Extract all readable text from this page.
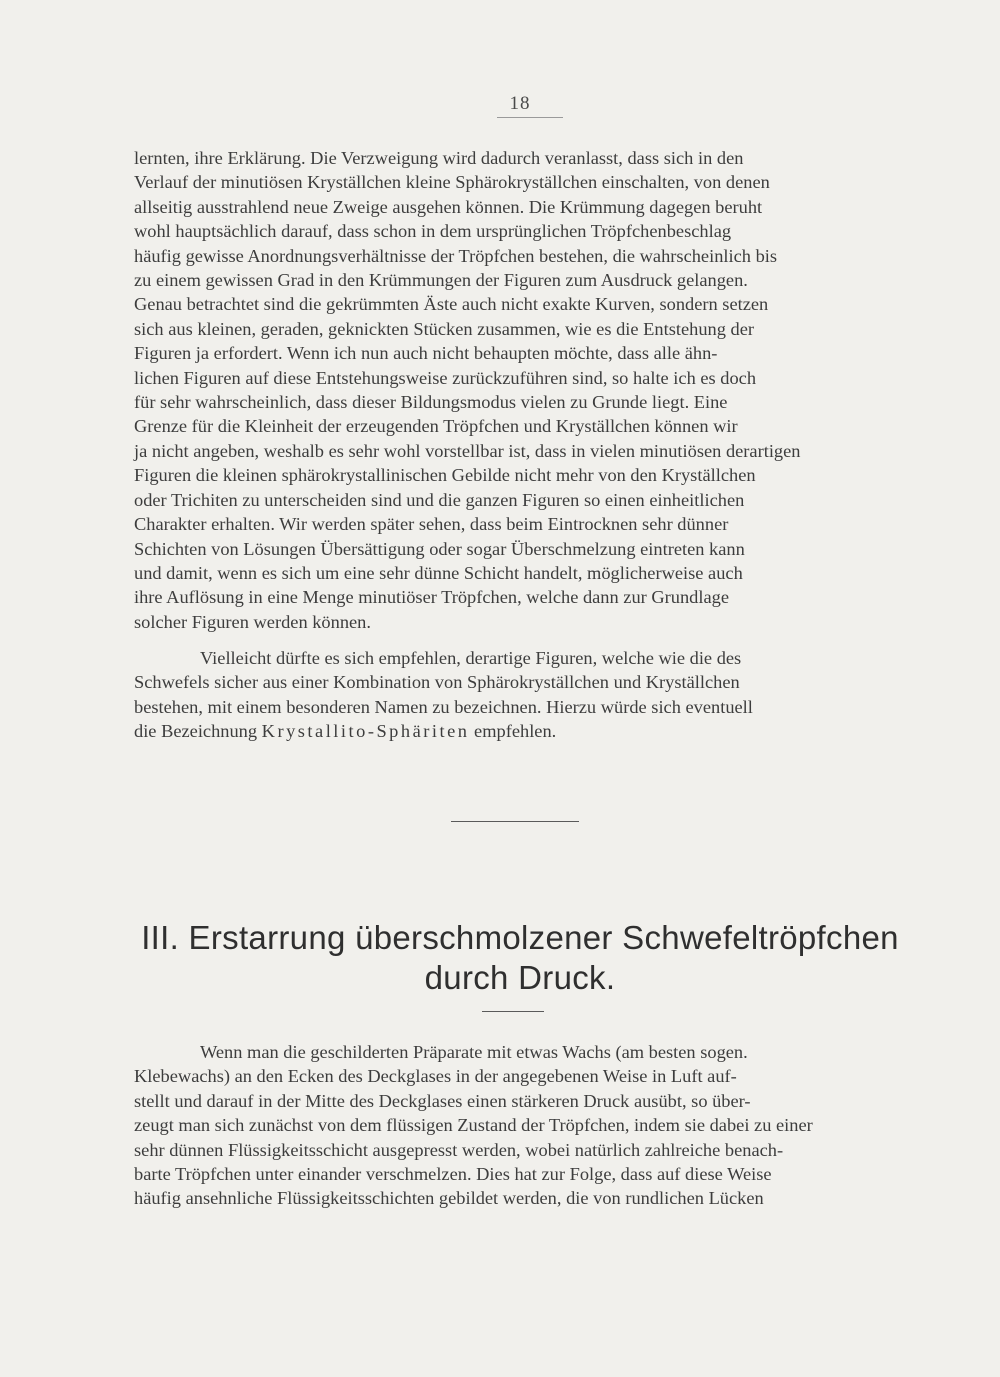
18
lernten, ihre Erklärung. Die Verzweigung wird dadurch veranlasst, dass sich in den
Verlauf der minutiösen Kryställchen kleine Sphärokryställchen einschalten, von denen
allseitig ausstrahlend neue Zweige ausgehen können. Die Krümmung dagegen beruht
wohl hauptsächlich darauf, dass schon in dem ursprünglichen Tröpfchenbeschlag
häufig gewisse Anordnungsverhältnisse der Tröpfchen bestehen, die wahrscheinlich bis
zu einem gewissen Grad in den Krümmungen der Figuren zum Ausdruck gelangen.
Genau betrachtet sind die gekrümmten Äste auch nicht exakte Kurven, sondern setzen
sich aus kleinen, geraden, geknickten Stücken zusammen, wie es die Entstehung der
Figuren ja erfordert. Wenn ich nun auch nicht behaupten möchte, dass alle ähn-
lichen Figuren auf diese Entstehungsweise zurückzuführen sind, so halte ich es doch
für sehr wahrscheinlich, dass dieser Bildungsmodus vielen zu Grunde liegt. Eine
Grenze für die Kleinheit der erzeugenden Tröpfchen und Kryställchen können wir
ja nicht angeben, weshalb es sehr wohl vorstellbar ist, dass in vielen minutiösen derartigen
Figuren die kleinen sphärokrystallinischen Gebilde nicht mehr von den Kryställchen
oder Trichiten zu unterscheiden sind und die ganzen Figuren so einen einheitlichen
Charakter erhalten. Wir werden später sehen, dass beim Eintrocknen sehr dünner
Schichten von Lösungen Übersättigung oder sogar Überschmelzung eintreten kann
und damit, wenn es sich um eine sehr dünne Schicht handelt, möglicherweise auch
ihre Auflösung in eine Menge minutiöser Tröpfchen, welche dann zur Grundlage
solcher Figuren werden können.
Vielleicht dürfte es sich empfehlen, derartige Figuren, welche wie die des
Schwefels sicher aus einer Kombination von Sphärokryställchen und Kryställchen
bestehen, mit einem besonderen Namen zu bezeichnen. Hierzu würde sich eventuell
die Bezeichnung Krystallito-Sphäriten empfehlen.
III. Erstarrung überschmolzener Schwefeltröpfchen
durch Druck.
Wenn man die geschilderten Präparate mit etwas Wachs (am besten sogen.
Klebewachs) an den Ecken des Deckglases in der angegebenen Weise in Luft auf-
stellt und darauf in der Mitte des Deckglases einen stärkeren Druck ausübt, so über-
zeugt man sich zunächst von dem flüssigen Zustand der Tröpfchen, indem sie dabei zu einer
sehr dünnen Flüssigkeitsschicht ausgepresst werden, wobei natürlich zahlreiche benach-
barte Tröpfchen unter einander verschmelzen. Dies hat zur Folge, dass auf diese Weise
häufig ansehnliche Flüssigkeitsschichten gebildet werden, die von rundlichen Lücken
